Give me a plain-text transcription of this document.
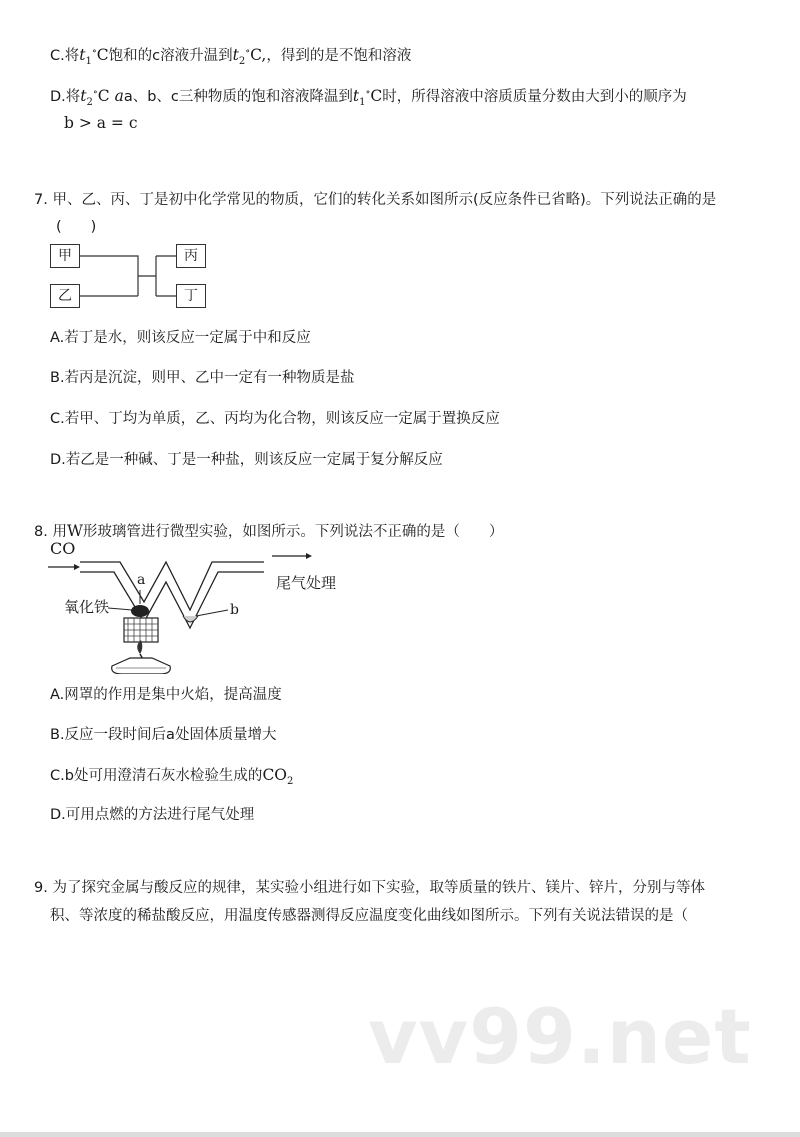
C.将$t_1^\circ C$饱和的c溶液升温到$t_2^\circ C$,，得到的是不饱和溶液
D.将$t_2^\circ C$ aa、b、c三种物质的饱和溶液降温到$t_1^\circ C$时，所得溶液中溶质质量分数由大到小的顺序为
b > a = c
7. 甲、乙、丙、丁是初中化学常见的物质，它们的转化关系如图所示(反应条件已省略)。下列说法正确的是
(　　)
甲
乙
丙
丁
A.若丁是水，则该反应一定属于中和反应
B.若丙是沉淀，则甲、乙中一定有一种物质是盐
C.若甲、丁均为单质，乙、丙均为化合物，则该反应一定属于置换反应
D.若乙是一种碱、丁是一种盐，则该反应一定属于复分解反应
8. 用W形玻璃管进行微型实验，如图所示。下列说法不正确的是（　　）
CO
a
氧化铁	b
尾气处理
A.网罩的作用是集中火焰，提高温度
B.反应一段时间后a处固体质量增大
C.b处可用澄清石灰水检验生成的$CO_2$
D.可用点燃的方法进行尾气处理
9. 为了探究金属与酸反应的规律，某实验小组进行如下实验，取等质量的铁片、镁片、锌片，分别与等体
积、等浓度的稀盐酸反应，用温度传感器测得反应温度变化曲线如图所示。下列有关说法错误的是（
vv99.net
